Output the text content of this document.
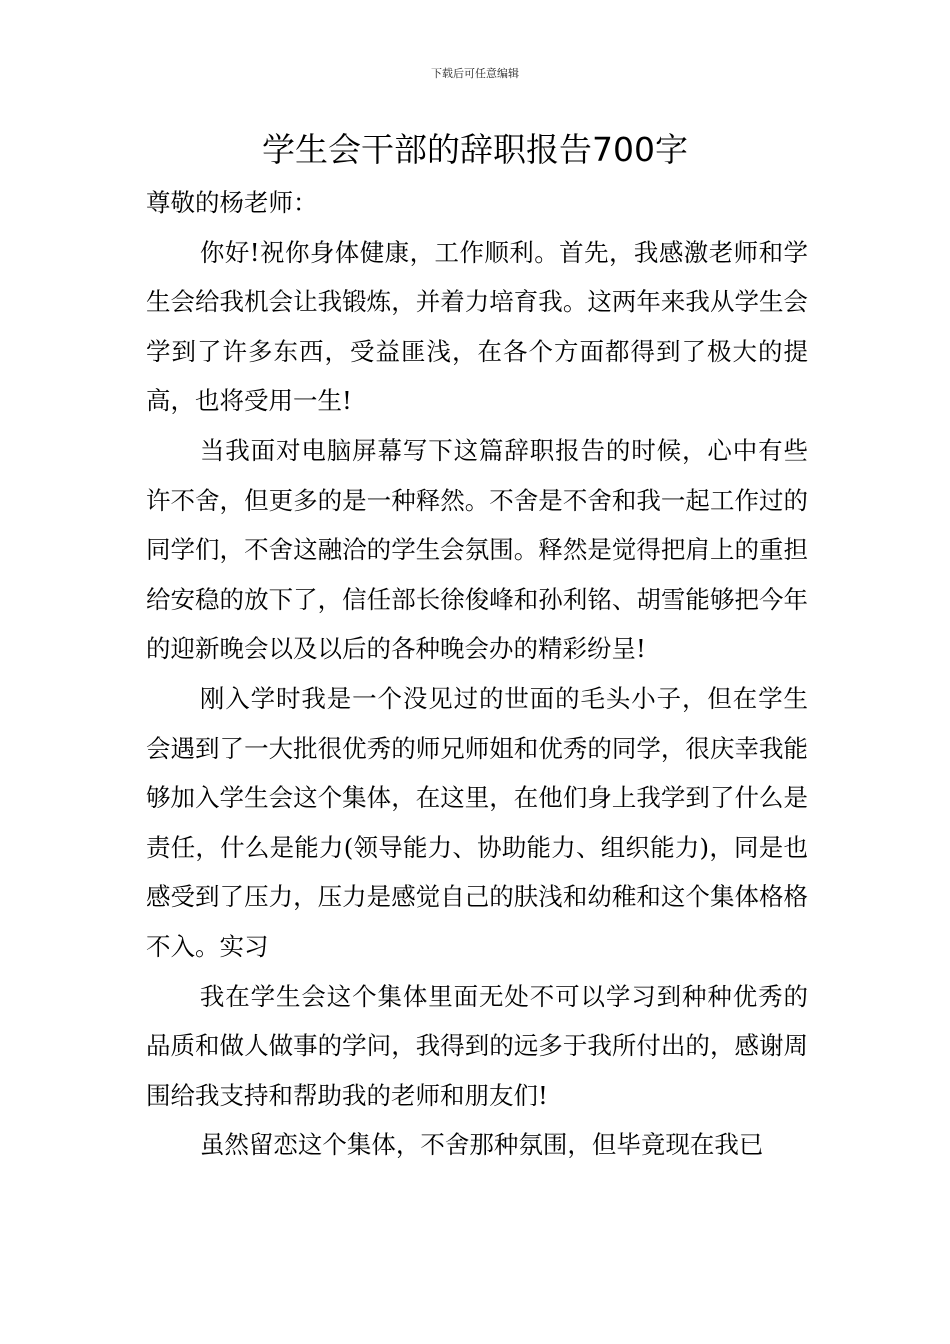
下载后可任意编辑
学生会干部的辞职报告700字

尊敬的杨老师：

你好!祝你身体健康，工作顺利。首先，我感激老师和学生会给我机会让我锻炼，并着力培育我。这两年来我从学生会学到了许多东西，受益匪浅，在各个方面都得到了极大的提高，也将受用一生!

当我面对电脑屏幕写下这篇辞职报告的时候，心中有些许不舍，但更多的是一种释然。不舍是不舍和我一起工作过的同学们，不舍这融洽的学生会氛围。释然是觉得把肩上的重担给安稳的放下了，信任部长徐俊峰和孙利铭、胡雪能够把今年的迎新晚会以及以后的各种晚会办的精彩纷呈!

刚入学时我是一个没见过的世面的毛头小子，但在学生会遇到了一大批很优秀的师兄师姐和优秀的同学，很庆幸我能够加入学生会这个集体，在这里，在他们身上我学到了什么是责任，什么是能力(领导能力、协助能力、组织能力)，同是也感受到了压力，压力是感觉自己的肤浅和幼稚和这个集体格格不入。实习

我在学生会这个集体里面无处不可以学习到种种优秀的品质和做人做事的学问，我得到的远多于我所付出的，感谢周围给我支持和帮助我的老师和朋友们!

虽然留恋这个集体，不舍那种氛围，但毕竟现在我已
